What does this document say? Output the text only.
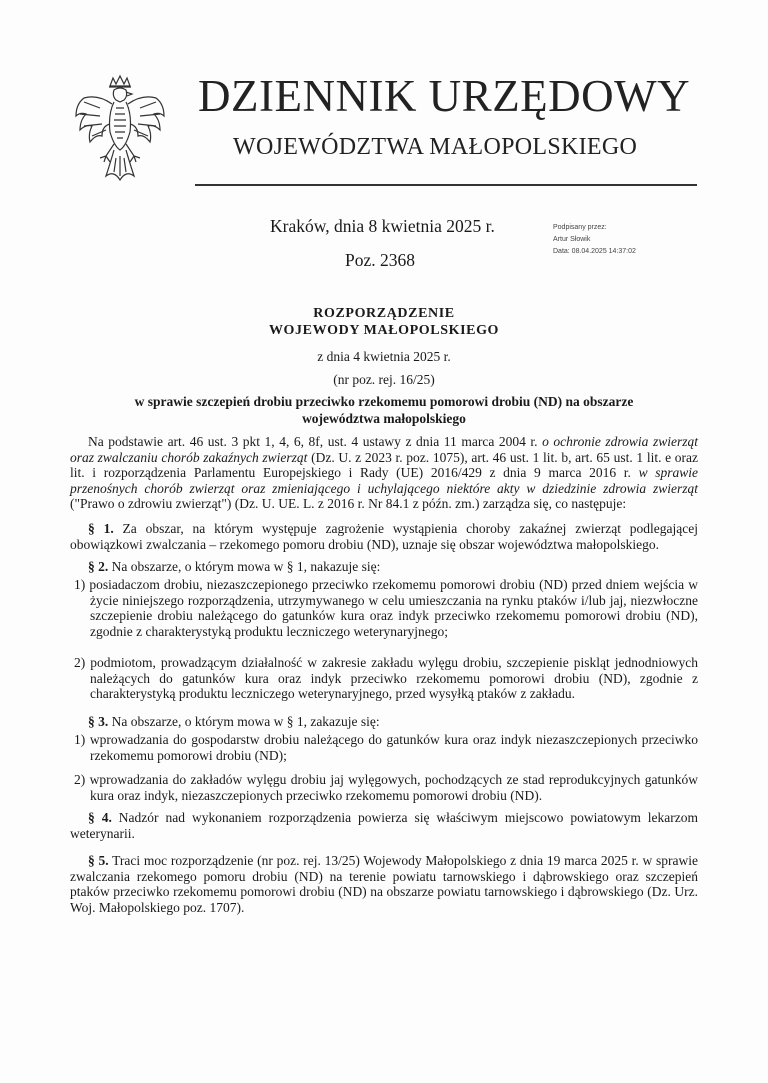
DZIENNIK URZĘDOWY
WOJEWÓDZTWA MAŁOPOLSKIEGO
Kraków, dnia 8 kwietnia 2025 r.
Poz. 2368
Podpisany przez:
Artur Słowik
Data: 08.04.2025 14:37:02
ROZPORZĄDZENIE
WOJEWODY MAŁOPOLSKIEGO
z dnia 4 kwietnia 2025 r.
(nr poz. rej. 16/25)
w sprawie szczepień drobiu przeciwko rzekomemu pomorowi drobiu (ND) na obszarze województwa małopolskiego
Na podstawie art. 46 ust. 3 pkt 1, 4, 6, 8f, ust. 4 ustawy z dnia 11 marca 2004 r. o ochronie zdrowia zwierząt oraz zwalczaniu chorób zakaźnych zwierząt (Dz. U. z 2023 r. poz. 1075), art. 46 ust. 1 lit. b, art. 65 ust. 1 lit. e oraz lit. i rozporządzenia Parlamentu Europejskiego i Rady (UE) 2016/429 z dnia 9 marca 2016 r. w sprawie przenośnych chorób zwierząt oraz zmieniającego i uchylającego niektóre akty w dziedzinie zdrowia zwierząt ("Prawo o zdrowiu zwierząt") (Dz. U. UE. L. z 2016 r. Nr 84.1 z późn. zm.) zarządza się, co następuje:
§ 1. Za obszar, na którym występuje zagrożenie wystąpienia choroby zakaźnej zwierząt podlegającej obowiązkowi zwalczania – rzekomego pomoru drobiu (ND), uznaje się obszar województwa małopolskiego.
§ 2. Na obszarze, o którym mowa w § 1, nakazuje się:
1) posiadaczom drobiu, niezaszczepionego przeciwko rzekomemu pomorowi drobiu (ND) przed dniem wejścia w życie niniejszego rozporządzenia, utrzymywanego w celu umieszczania na rynku ptaków i/lub jaj, niezwłoczne szczepienie drobiu należącego do gatunków kura oraz indyk przeciwko rzekomemu pomorowi drobiu (ND), zgodnie z charakterystyką produktu leczniczego weterynaryjnego;
2) podmiotom, prowadzącym działalność w zakresie zakładu wylęgu drobiu, szczepienie piskląt jednodniowych należących do gatunków kura oraz indyk przeciwko rzekomemu pomorowi drobiu (ND), zgodnie z charakterystyką produktu leczniczego weterynaryjnego, przed wysyłką ptaków z zakładu.
§ 3. Na obszarze, o którym mowa w § 1, zakazuje się:
1) wprowadzania do gospodarstw drobiu należącego do gatunków kura oraz indyk niezaszczepionych przeciwko rzekomemu pomorowi drobiu (ND);
2) wprowadzania do zakładów wylęgu drobiu jaj wylęgowych, pochodzących ze stad reprodukcyjnych gatunków kura oraz indyk, niezaszczepionych przeciwko rzekomemu pomorowi drobiu (ND).
§ 4. Nadzór nad wykonaniem rozporządzenia powierza się właściwym miejscowo powiatowym lekarzom weterynarii.
§ 5. Traci moc rozporządzenie (nr poz. rej. 13/25) Wojewody Małopolskiego z dnia 19 marca 2025 r. w sprawie zwalczania rzekomego pomoru drobiu (ND) na terenie powiatu tarnowskiego i dąbrowskiego oraz szczepień ptaków przeciwko rzekomemu pomorowi drobiu (ND) na obszarze powiatu tarnowskiego i dąbrowskiego (Dz. Urz. Woj. Małopolskiego poz. 1707).
